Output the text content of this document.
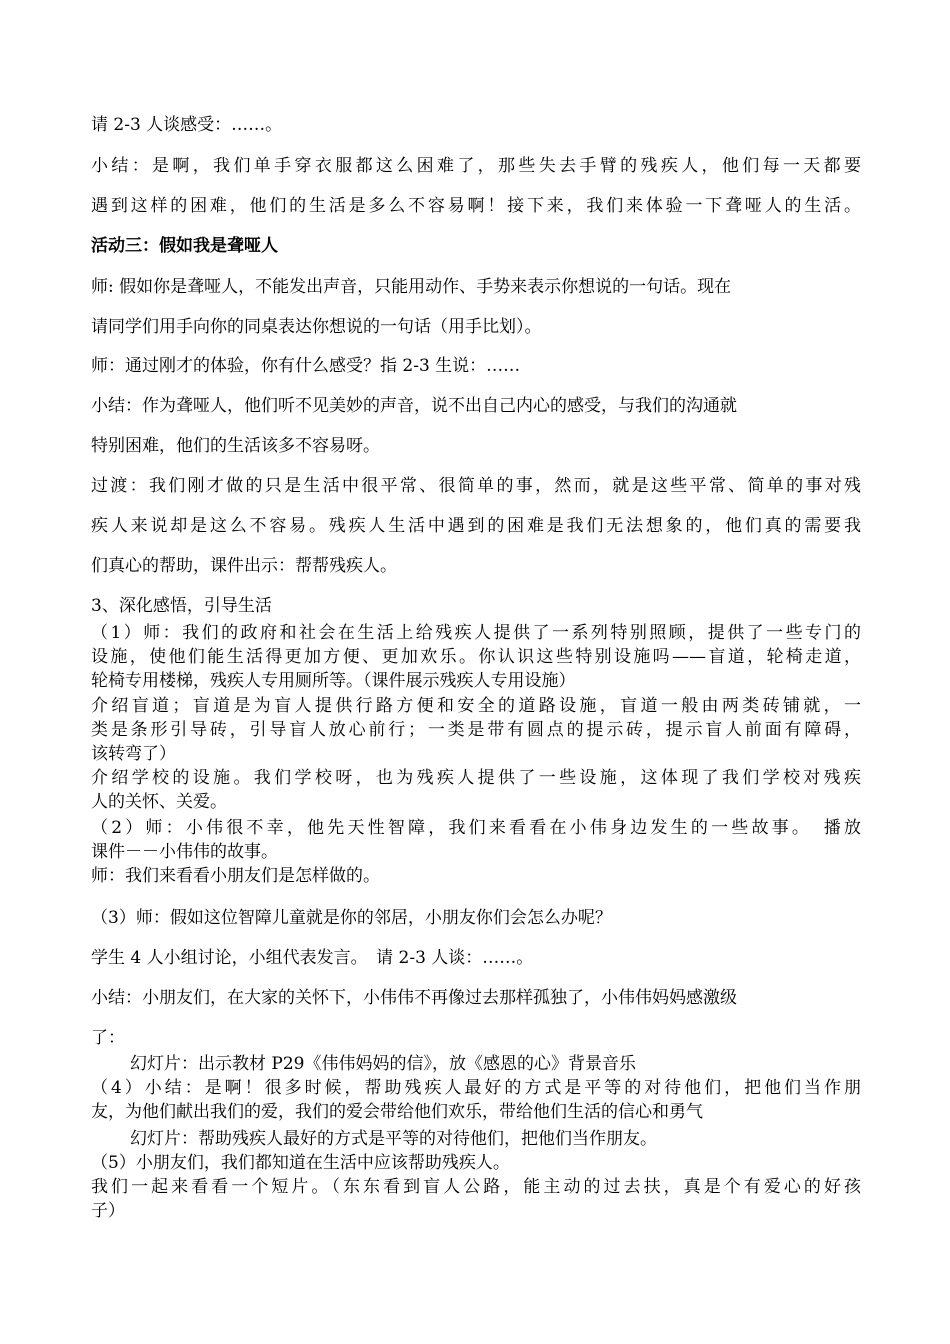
请 2-3 人谈感受：……。
小结：是啊，我们单手穿衣服都这么困难了，那些失去手臂的残疾人，他们每一天都要
遇到这样的困难，他们的生活是多么不容易啊！接下来，我们来体验一下聋哑人的生活。
活动三：假如我是聋哑人
师: 假如你是聋哑人，不能发出声音，只能用动作、手势来表示你想说的一句话。现在
请同学们用手向你的同桌表达你想说的一句话（用手比划）。
师：通过刚才的体验，你有什么感受？指 2-3 生说：……
小结：作为聋哑人，他们听不见美妙的声音，说不出自己内心的感受，与我们的沟通就
特别困难，他们的生活该多不容易呀。
过渡：我们刚才做的只是生活中很平常、很简单的事，然而，就是这些平常、简单的事对残
疾人来说却是这么不容易。残疾人生活中遇到的困难是我们无法想象的，他们真的需要我
们真心的帮助，课件出示：帮帮残疾人。
3、深化感悟，引导生活
（1）师：我们的政府和社会在生活上给残疾人提供了一系列特别照顾，提供了一些专门的
设施，使他们能生活得更加方便、更加欢乐。你认识这些特别设施吗——盲道，轮椅走道，
轮椅专用楼梯，残疾人专用厕所等。（课件展示残疾人专用设施）
介绍盲道；盲道是为盲人提供行路方便和安全的道路设施，盲道一般由两类砖铺就，一
类是条形引导砖，引导盲人放心前行；一类是带有圆点的提示砖，提示盲人前面有障碍，
该转弯了）
介绍学校的设施。我们学校呀，也为残疾人提供了一些设施，这体现了我们学校对残疾
人的关怀、关爱。
（2）师：小伟很不幸，他先天性智障，我们来看看在小伟身边发生的一些故事。　播放
课件－－小伟伟的故事。
师：我们来看看小朋友们是怎样做的。
（3）师：假如这位智障儿童就是你的邻居，小朋友你们会怎么办呢？
学生 4 人小组讨论，小组代表发言。　请 2-3 人谈：……。
小结：小朋友们，在大家的关怀下，小伟伟不再像过去那样孤独了，小伟伟妈妈感激级
了：
幻灯片：出示教材 P29《伟伟妈妈的信》，放《感恩的心》背景音乐
（4）小结：是啊！很多时候，帮助残疾人最好的方式是平等的对待他们，把他们当作朋
友，为他们献出我们的爱，我们的爱会带给他们欢乐，带给他们生活的信心和勇气
幻灯片：帮助残疾人最好的方式是平等的对待他们，把他们当作朋友。
（5）小朋友们，我们都知道在生活中应该帮助残疾人。
我们一起来看看一个短片。（东东看到盲人公路，能主动的过去扶，真是个有爱心的好孩
子）
